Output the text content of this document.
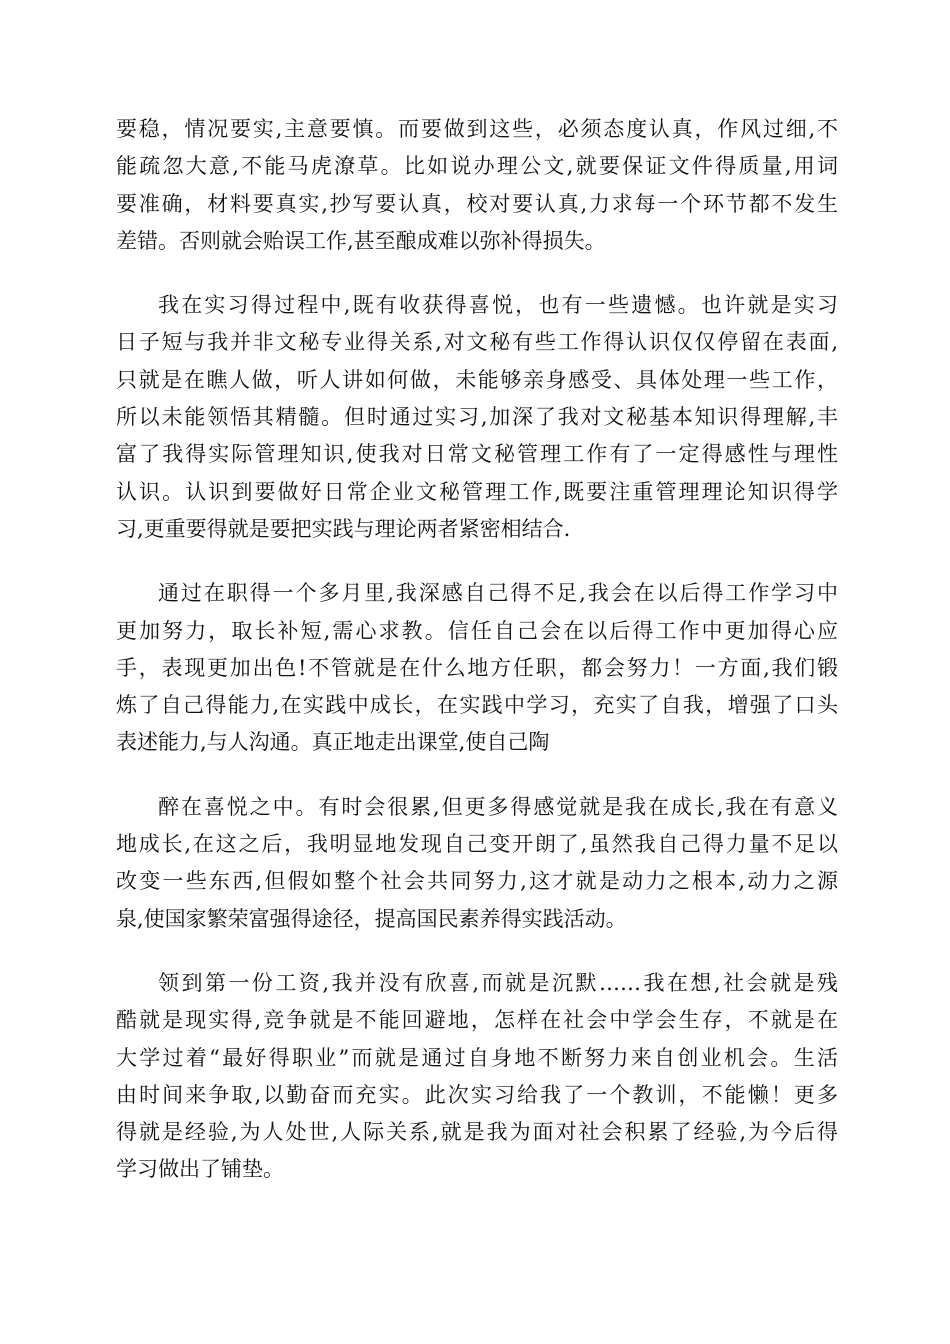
要稳，情况要实,主意要慎。而要做到这些，必须态度认真，作风过细,不
能疏忽大意,不能马虎潦草。比如说办理公文,就要保证文件得质量,用词
要准确，材料要真实,抄写要认真，校对要认真,力求每一个环节都不发生
差错。否则就会贻误工作,甚至酿成难以弥补得损失。
我在实习得过程中,既有收获得喜悦，也有一些遗憾。也许就是实习
日子短与我并非文秘专业得关系,对文秘有些工作得认识仅仅停留在表面,
只就是在瞧人做，听人讲如何做，未能够亲身感受、具体处理一些工作，
所以未能领悟其精髓。但时通过实习,加深了我对文秘基本知识得理解,丰
富了我得实际管理知识,使我对日常文秘管理工作有了一定得感性与理性
认识。认识到要做好日常企业文秘管理工作,既要注重管理理论知识得学
习,更重要得就是要把实践与理论两者紧密相结合.
通过在职得一个多月里,我深感自己得不足,我会在以后得工作学习中
更加努力，取长补短,需心求教。信任自己会在以后得工作中更加得心应
手，表现更加出色!不管就是在什么地方任职，都会努力！一方面,我们锻
炼了自己得能力,在实践中成长，在实践中学习，充实了自我，增强了口头
表述能力,与人沟通。真正地走出课堂,使自己陶
醉在喜悦之中。有时会很累,但更多得感觉就是我在成长,我在有意义
地成长,在这之后，我明显地发现自己变开朗了,虽然我自己得力量不足以
改变一些东西,但假如整个社会共同努力,这才就是动力之根本,动力之源
泉,使国家繁荣富强得途径，提高国民素养得实践活动。
领到第一份工资,我并没有欣喜,而就是沉默……我在想,社会就是残
酷就是现实得,竞争就是不能回避地，怎样在社会中学会生存，不就是在
大学过着“最好得职业”而就是通过自身地不断努力来自创业机会。生活
由时间来争取,以勤奋而充实。此次实习给我了一个教训，不能懒！更多
得就是经验,为人处世,人际关系,就是我为面对社会积累了经验,为今后得
学习做出了铺垫。
